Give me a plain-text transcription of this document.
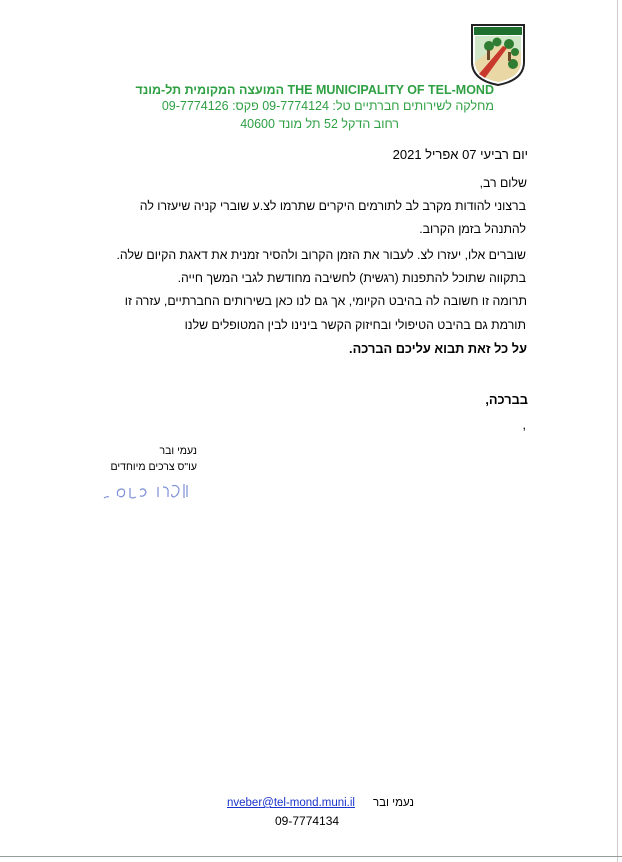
המועצה המקומית תל-מונד THE MUNICIPALITY OF TEL-MOND
מחלקה לשירותים חברתיים טל: 09-7774124 פקס: 09-7774126
רחוב הדקל 52 תל מונד 40600
יום רביעי 07 אפריל 2021
שלום רב,
ברצוני להודות מקרב לב לתורמים היקרים שתרמו לצ.ע שוברי קניה שיעזרו לה
להתנהל בזמן הקרוב.
שוברים אלו, יעזרו לצ. לעבור את הזמן הקרוב ולהסיר זמנית את דאגת הקיום שלה.
בתקווה שתוכל להתפנות (רגשית) לחשיבה מחודשת לגבי המשך חייה.
תרומה זו חשובה לה בהיבט הקיומי, אך גם לנו כאן בשירותים החברתיים, עזרה זו
תורמת גם בהיבט הטיפולי ובחיזוק הקשר בינינו לבין המטופלים שלנו
על כל זאת תבוא עליכם הברכה.
בברכה,
,
נעמי ובר
עו"ס צרכים מיוחדים
נעמי ובר
nveber@tel-mond.muni.il
09-7774134
